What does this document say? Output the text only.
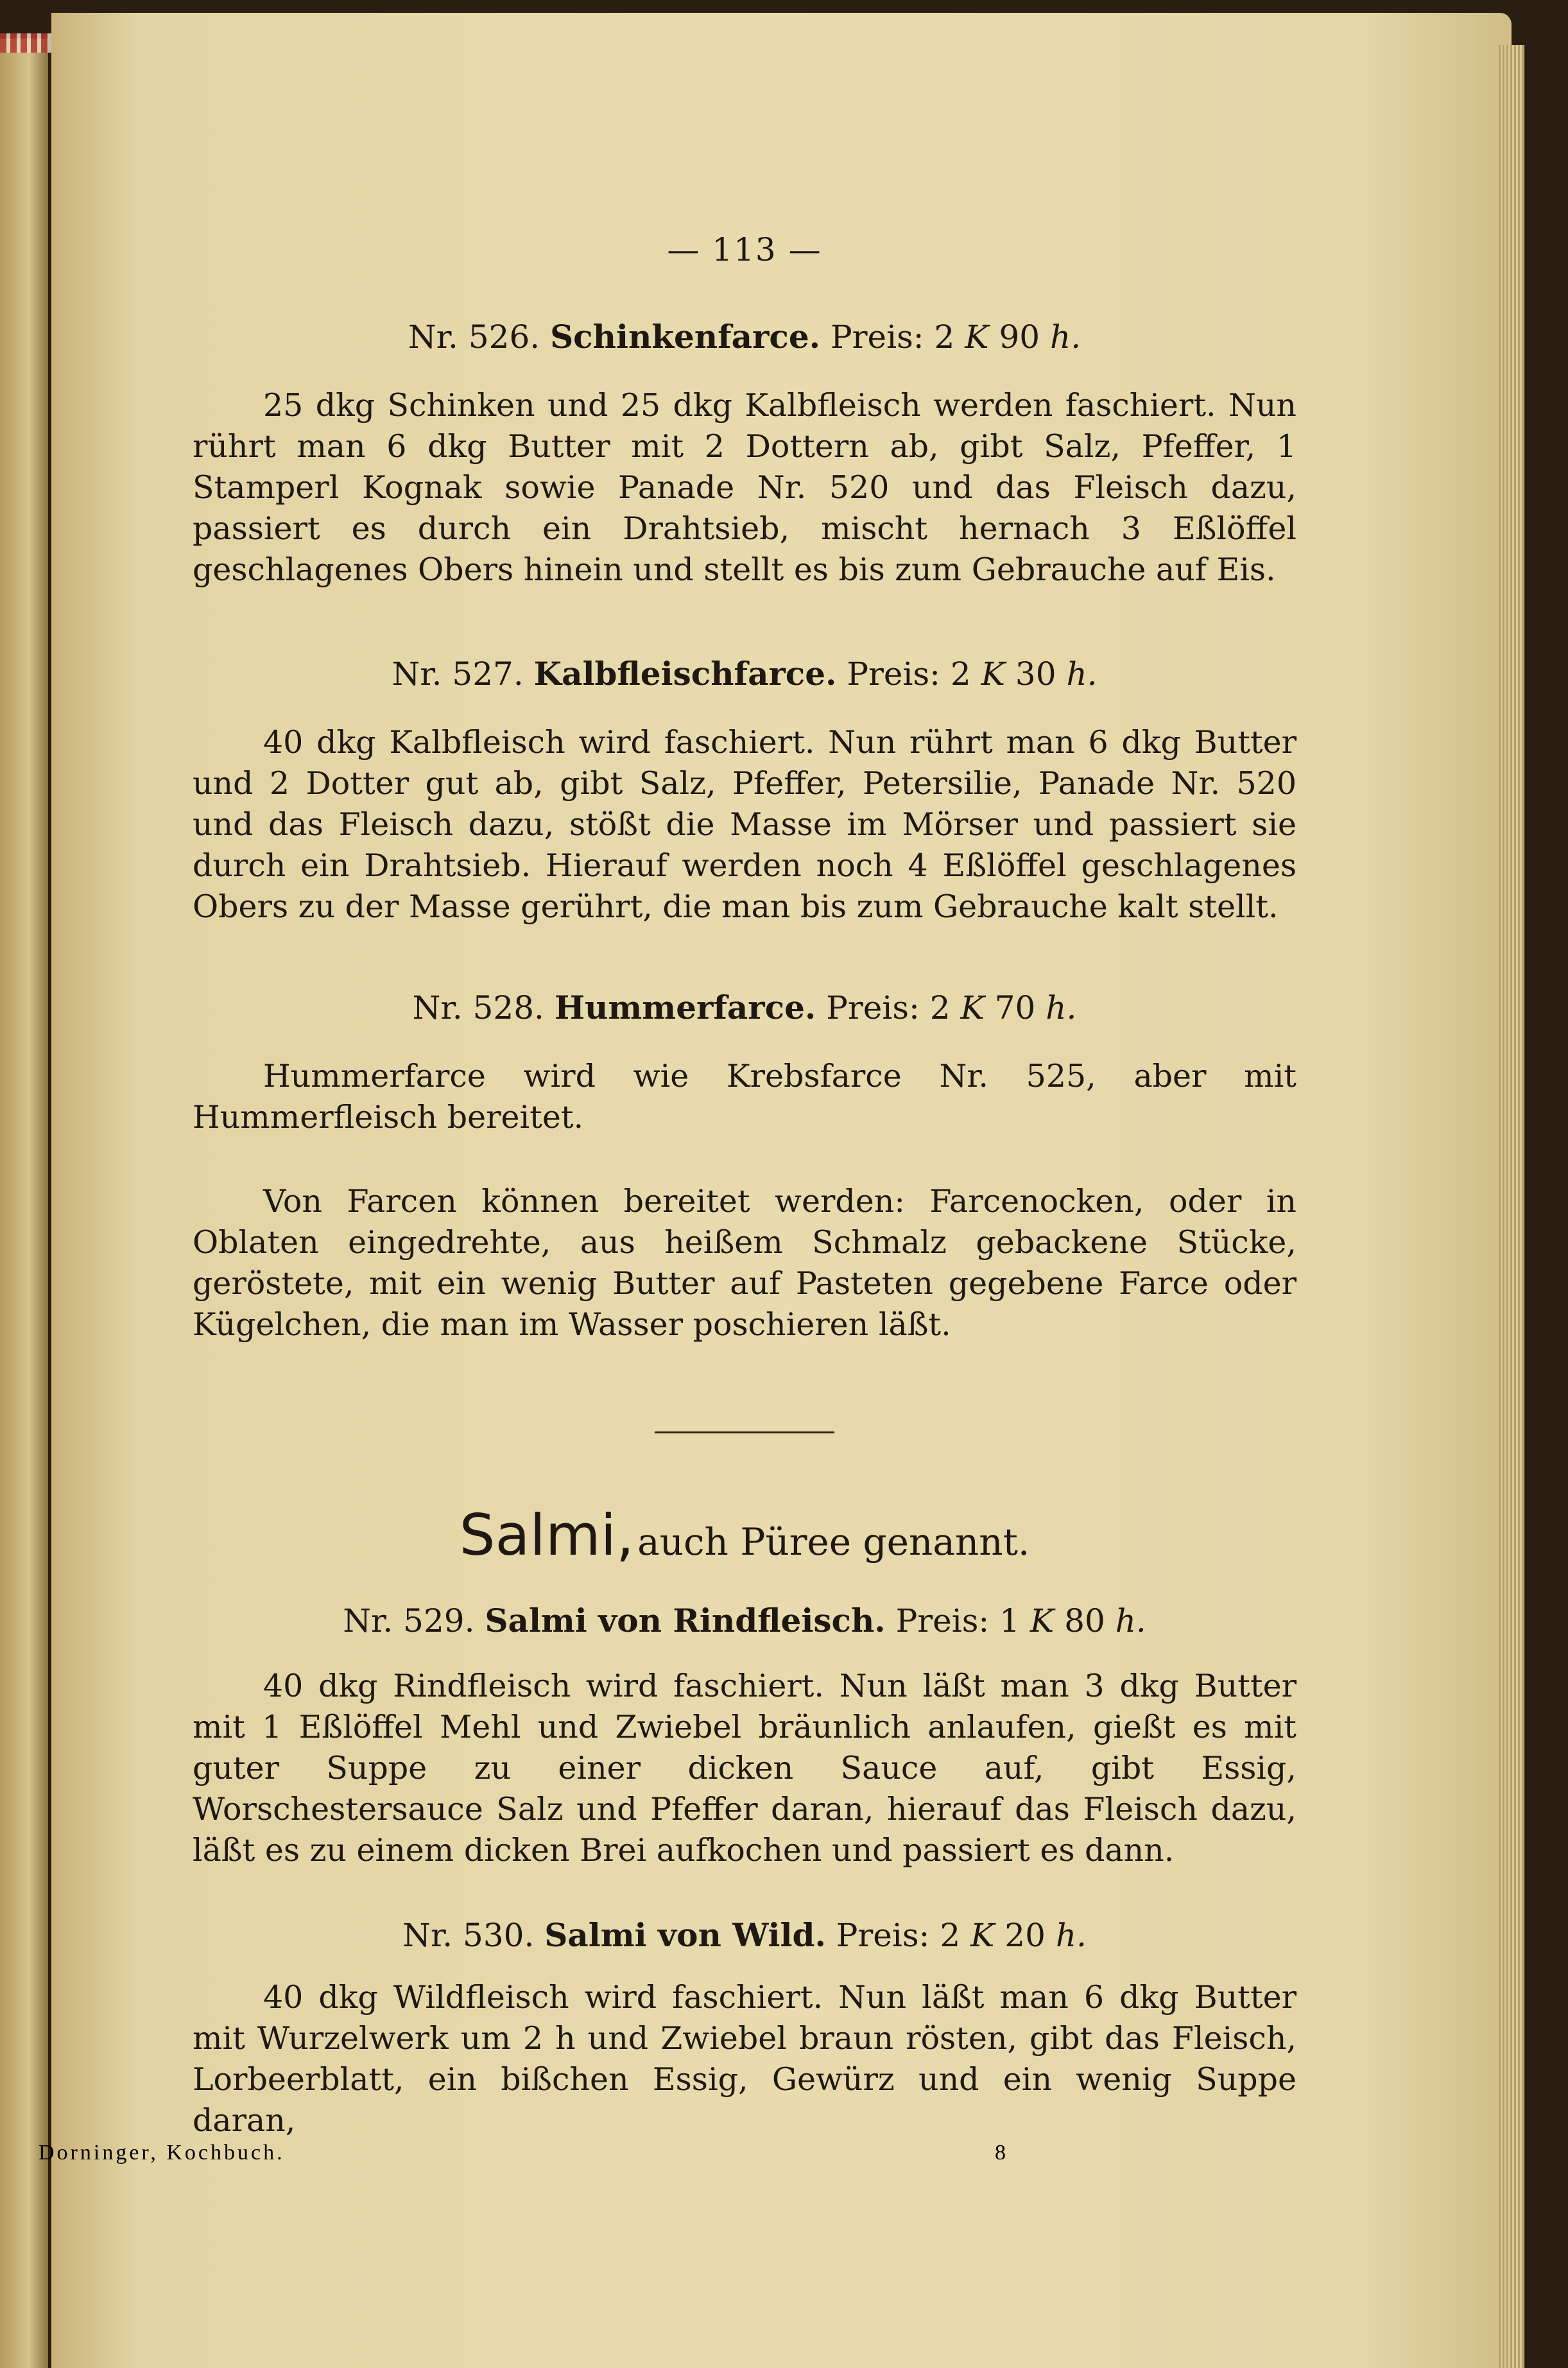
— 113 —
Nr. 526. Schinkenfarce. Preis: 2 K 90 h.

25 dkg Schinken und 25 dkg Kalbfleisch werden faschiert. Nun rührt man 6 dkg Butter mit 2 Dottern ab, gibt Salz, Pfeffer, 1 Stamperl Kognak sowie Panade Nr. 520 und das Fleisch dazu, passiert es durch ein Drahtsieb, mischt hernach 3 Eßlöffel geschlagenes Obers hinein und stellt es bis zum Gebrauche auf Eis.

Nr. 527. Kalbfleischfarce. Preis: 2 K 30 h.

40 dkg Kalbfleisch wird faschiert. Nun rührt man 6 dkg Butter und 2 Dotter gut ab, gibt Salz, Pfeffer, Petersilie, Panade Nr. 520 und das Fleisch dazu, stößt die Masse im Mörser und passiert sie durch ein Drahtsieb. Hierauf werden noch 4 Eßlöffel geschlagenes Obers zu der Masse gerührt, die man bis zum Gebrauche kalt stellt.

Nr. 528. Hummerfarce. Preis: 2 K 70 h.

Hummerfarce wird wie Krebsfarce Nr. 525, aber mit Hummerfleisch bereitet.

Von Farcen können bereitet werden: Farcenocken, oder in Oblaten eingedrehte, aus heißem Schmalz gebackene Stücke, geröstete, mit ein wenig Butter auf Pasteten gegebene Farce oder Kügelchen, die man im Wasser poschieren läßt.

Salmi, auch Püree genannt.
Nr. 529. Salmi von Rindfleisch. Preis: 1 K 80 h.

40 dkg Rindfleisch wird faschiert. Nun läßt man 3 dkg Butter mit 1 Eßlöffel Mehl und Zwiebel bräunlich anlaufen, gießt es mit guter Suppe zu einer dicken Sauce auf, gibt Essig, Worschestersauce Salz und Pfeffer daran, hierauf das Fleisch dazu, läßt es zu einem dicken Brei aufkochen und passiert es dann.

Nr. 530. Salmi von Wild. Preis: 2 K 20 h.

40 dkg Wildfleisch wird faschiert. Nun läßt man 6 dkg Butter mit Wurzelwerk um 2 h und Zwiebel braun rösten, gibt das Fleisch, Lorbeerblatt, ein bißchen Essig, Gewürz und ein wenig Suppe daran,

Dorninger, Kochbuch.	8
